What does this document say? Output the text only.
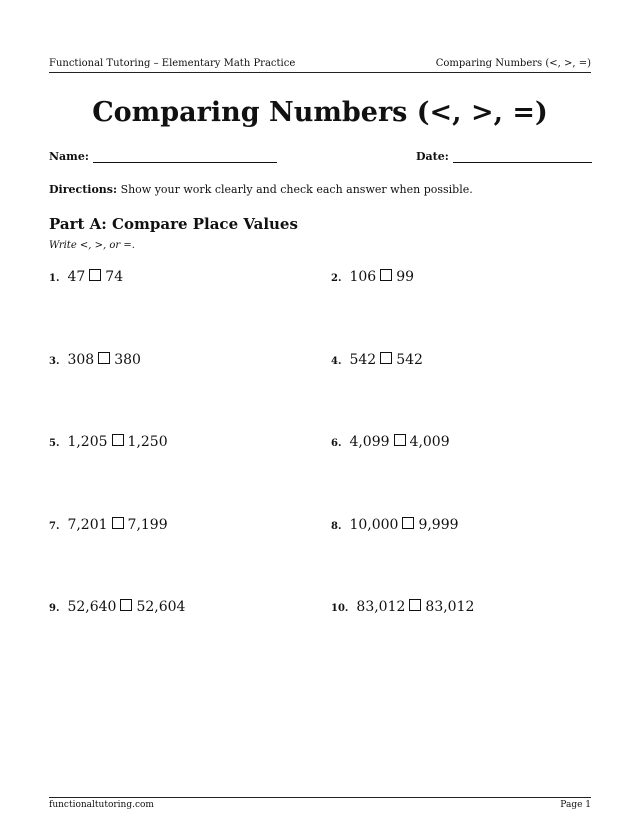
Functional Tutoring – Elementary Math Practice	Comparing Numbers (<, >, =)
Comparing Numbers (<, >, =)
Name:	Date:
Directions: Show your work clearly and check each answer when possible.
Part A: Compare Place Values
Write <, >, or =.
1. 47 74	2. 106 99
3. 308 380	4. 542 542
5. 1,205 1,250	6. 4,099 4,009
7. 7,201 7,199	8. 10,000 9,999
9. 52,640 52,604	10. 83,012 83,012
functionaltutoring.com	Page 1
